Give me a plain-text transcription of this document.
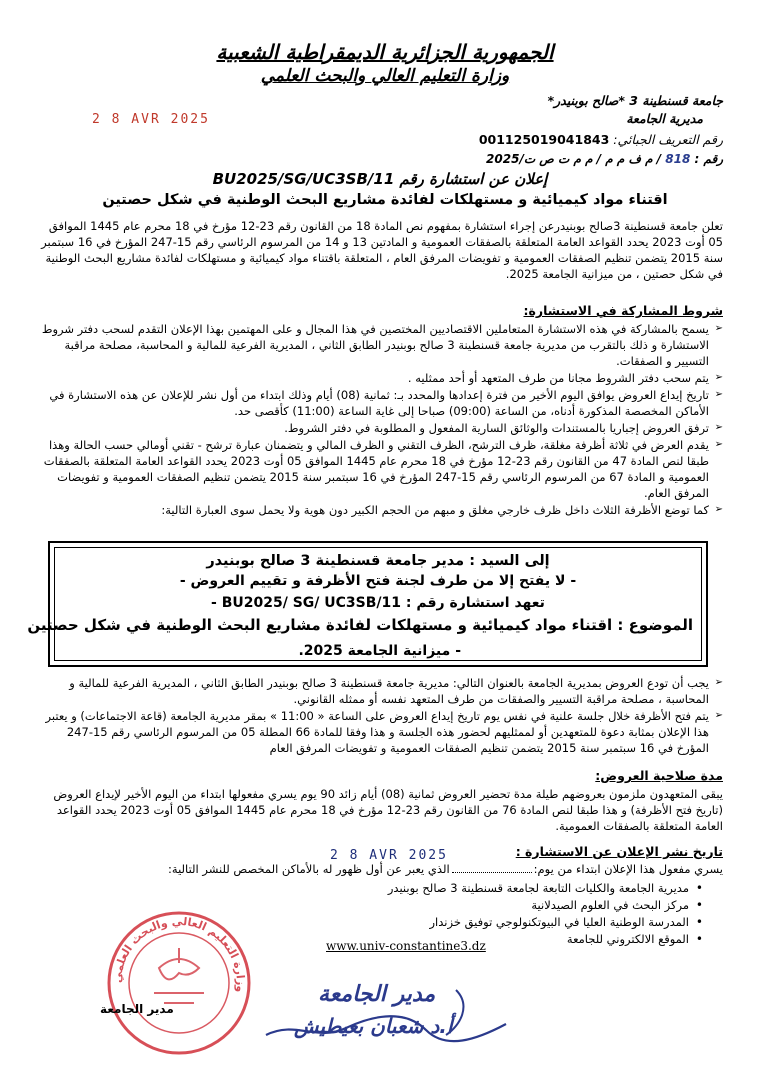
الجمهورية الجزائرية الديمقراطية الشعبية
وزارة التعليم العالي والبحث العلمي
جامعة قسنطينة 3 *صالح بوبنيدر*
مديرية الجامعة
2 8 AVR 2025
رقم التعريف الجبائي: 001125019041843
رقم : 818 / م ف م م / م م ت ص ت/2025
إعلان عن استشارة رقم BU2025/SG/UC3SB/11
اقتناء مواد كيميائية و مستهلكات لفائدة مشاريع البحث الوطنية في شكل حصتين
تعلن جامعة قسنطينة 3صالح بوبنيدرعن إجراء استشارة بمفهوم نص المادة 18 من القانون رقم 23-12 مؤرخ في 18 محرم عام 1445 الموافق 05 أوت 2023 يحدد القواعد العامة المتعلقة بالصفقات العمومية و المادتين 13 و 14 من المرسوم الرئاسي رقم 15-247 المؤرخ في 16 سبتمبر سنة 2015 يتضمن تنظيم الصفقات العمومية و تفويضات المرفق العام ، المتعلقة باقتناء مواد كيميائية و مستهلكات لفائدة مشاريع البحث الوطنية في شكل حصتين ، من ميزانية الجامعة 2025.
شروط المشاركة في الاستشارة:
➢ يسمح بالمشاركة في هذه الاستشارة المتعاملين الاقتصاديين المختصين في هذا المجال و على المهتمين بهذا الإعلان التقدم لسحب دفتر شروط الاستشارة و ذلك بالتقرب من مديرية جامعة قسنطينة 3 صالح بوبنيدر الطابق الثاني ، المديرية الفرعية للمالية و المحاسبة، مصلحة مراقبة التسيير و الصفقات.
➢ يتم سحب دفتر الشروط مجانا من طرف المتعهد أو أحد ممثليه .
➢ تاريخ إيداع العروض يوافق اليوم الأخير من فترة إعدادها والمحدد بـ: ثمانية (08) أيام وذلك ابتداء من أول نشر للإعلان عن هذه الاستشارة في الأماكن المخصصة المذكورة أدناه، من الساعة (09:00) صباحا إلى غاية الساعة (11:00) كأقصى حد.
➢ ترفق العروض إجباريا بالمستندات والوثائق السارية المفعول و المطلوبة في دفتر الشروط.
➢ يقدم العرض في ثلاثة أظرفة مغلقة، ظرف الترشح، الظرف التقني و الظرف المالي و يتضمنان عبارة ترشح - تقني أومالي حسب الحالة وهذا طبقا لنص المادة 47 من القانون رقم 23-12 مؤرخ في 18 محرم عام 1445 الموافق 05 أوت 2023 يحدد القواعد العامة المتعلقة بالصفقات العمومية و المادة 67 من المرسوم الرئاسي رقم 15-247 المؤرخ في 16 سبتمبر سنة 2015 يتضمن تنظيم الصفقات العمومية و تفويضات المرفق العام.
➢ كما توضع الأظرفة الثلاث داخل ظرف خارجي مغلق و مبهم من الحجم الكبير دون هوية ولا يحمل سوى العبارة التالية:
إلى السيد : مدير جامعة قسنطينة 3 صالح بوبنيدر
- لا يفتح إلا من طرف لجنة فتح الأظرفة و تقييم العروض -
تعهد استشارة رقم : BU2025/ SG/ UC3SB/11 -
الموضوع : اقتناء مواد كيميائية و مستهلكات لفائدة مشاريع البحث الوطنية في شكل حصتين
- ميزانية الجامعة 2025.
➢ يجب أن تودع العروض بمديرية الجامعة بالعنوان التالي: مديرية جامعة قسنطينة 3 صالح بوبنيدر الطابق الثاني ، المديرية الفرعية للمالية و المحاسبة ، مصلحة مراقبة التسيير والصفقات من طرف المتعهد نفسه أو ممثله القانوني.
➢ يتم فتح الأظرفة خلال جلسة علنية في نفس يوم تاريخ إيداع العروض على الساعة « 11:00 » بمقر مديرية الجامعة (قاعة الاجتماعات) و يعتبر هذا الإعلان بمثابة دعوة للمتعهدين أو لممثليهم لحضور هذه الجلسة و هذا وفقا للمادة 66 المطلة 05 من المرسوم الرئاسي رقم 15-247 المؤرخ في 16 سبتمبر سنة 2015 يتضمن تنظيم الصفقات العمومية و تفويضات المرفق العام
مدة صلاحية العروض:
يبقى المتعهدون ملزمون بعروضهم طيلة مدة تحضير العروض ثمانية (08) أيام زائد 90 يوم يسري مفعولها ابتداء من اليوم الأخير لإيداع العروض (تاريخ فتح الأظرفة) و هذا طبقا لنص المادة 76 من القانون رقم 23-12 مؤرخ في 18 محرم عام 1445 الموافق 05 أوت 2023 يحدد القواعد العامة المتعلقة بالصفقات العمومية.
تاريخ نشر الإعلان عن الاستشارة :
2 8 AVR 2025
يسري مفعول هذا الإعلان ابتداء من يوم:الذي يعبر عن أول ظهور له بالأماكن المخصص للنشر التالية:
• مديرية الجامعة والكليات التابعة لجامعة قسنطينة 3 صالح بوبنيدر
• مركز البحث في العلوم الصيدلانية
• المدرسة الوطنية العليا في البيوتكنولوجي توفيق خزندار
• الموقع الالكتروني للجامعة
www.univ-constantine3.dz
وزارة التعليم العالي والبحث العلمي
مدير الجامعة
مدير الجامعة
أ.د شعبان بعيطيش
